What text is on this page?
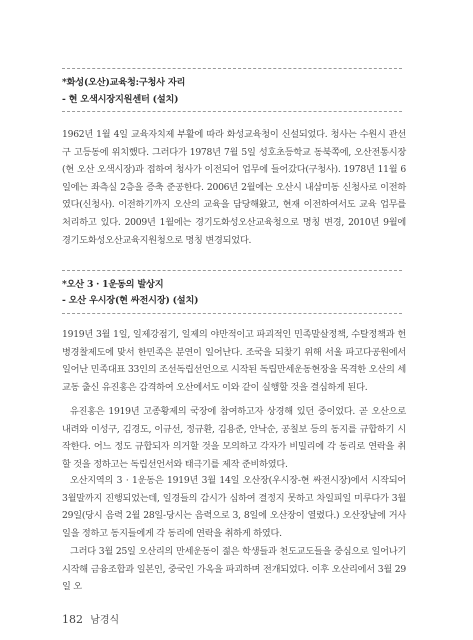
*화성(오산)교육청:구청사 자리
- 현 오색시장지원센터 (설치)

1962년 1월 4일 교육자치제 부활에 따라 화성교육청이 신설되었다. 청사는 수원시 관선구 고등동에 위치했다. 그러다가 1978년 7월 5일 성호초등학교 동북쪽에, 오산전통시장(현 오산 오색시장)과 접하여 청사가 이전되어 업무에 들어갔다(구청사). 1978년 11월 6일에는 좌측실 2층을 증축 준공한다. 2006년 2월에는 오산시 내삼미동 신청사로 이전하였다(신청사). 이전하기까지 오산의 교육을 담당해왔고, 현재 이전하여서도 교육 업무를 처리하고 있다. 2009년 1월에는 경기도화성오산교육청으로 명칭 변경, 2010년 9월에 경기도화성오산교육지원청으로 명칭 변경되었다.

*오산 3 · 1운동의 발상지
- 오산 우시장(현 싸전시장) (설치)

1919년 3월 1일, 일제강점기, 일제의 야만적이고 파괴적인 민족말살정책, 수탈정책과 헌병경찰제도에 맞서 한민족은 분연이 일어난다. 조국을 되찾기 위해 서울 파고다공원에서 일어난 민족대표 33인의 조선독립선언으로 시작된 독립만세운동현장을 목격한 오산의 세교동 출신 유진홍은 감격하여 오산에서도 이와 같이 실행할 것을 결심하게 된다.

유진홍은 1919년 고종황제의 국장에 참여하고자 상경해 있던 중이었다. 곧 오산으로 내려와 이성구, 김경도, 이규선, 정규환, 김용준, 안낙순, 공칠보 등의 동지를 규합하기 시작한다. 어느 정도 규합되자 의거할 것을 모의하고 각자가 비밀리에 각 동리로 연락을 취할 것을 정하고는 독립선언서와 태극기를 제작 준비하였다.

오산지역의 3 · 1운동은 1919년 3월 14일 오산장(우시장-현 싸전시장)에서 시작되어 3월말까지 진행되었는데, 일경들의 감시가 심하여 결정지 못하고 차일피일 미루다가 3월 29일(당시 음력 2월 28일-당시는 음력으로 3, 8일에 오산장이 열렸다.) 오산장날에 거사일을 정하고 동지들에게 각 동리에 연락을 취하게 하였다.

그러다 3월 25일 오산리의 만세운동이 젊은 학생들과 천도교도들을 중심으로 일어나기 시작해 금융조합과 일본인, 중국인 가옥을 파괴하며 전개되었다. 이후 오산리에서 3월 29일 오

182 남경식
